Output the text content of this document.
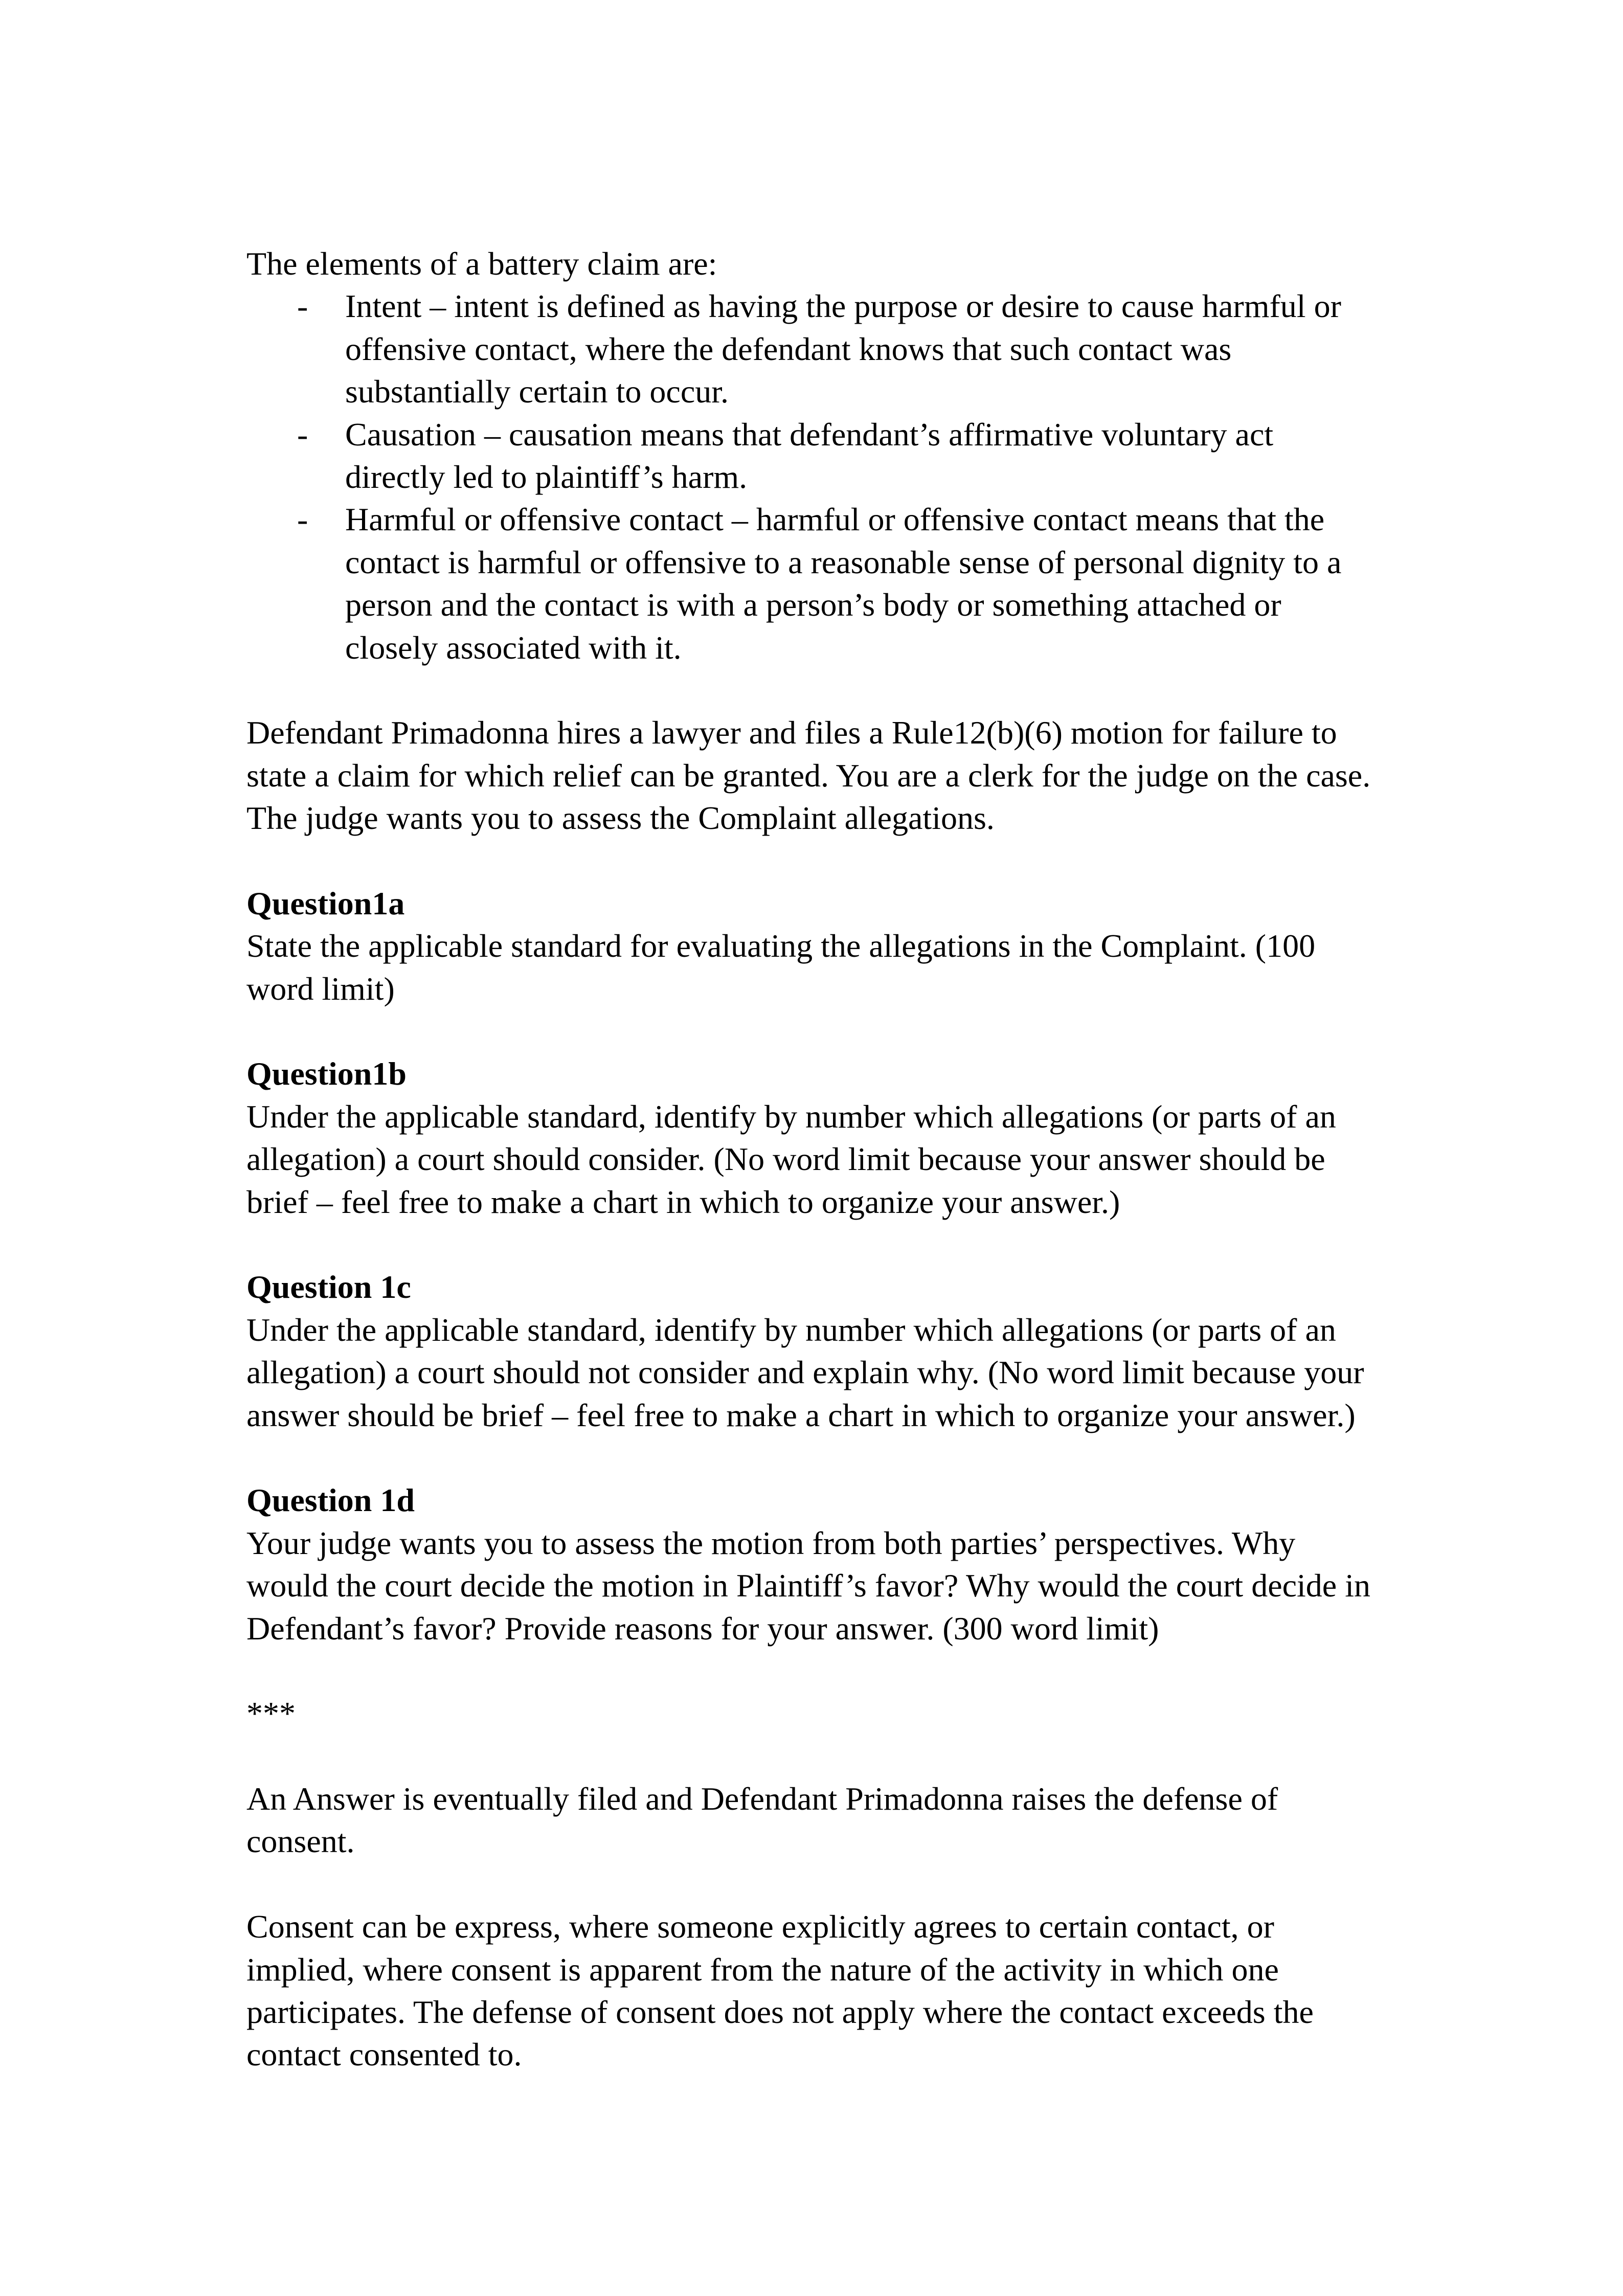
The elements of a battery claim are:
- Intent – intent is defined as having the purpose or desire to cause harmful or
offensive contact, where the defendant knows that such contact was
substantially certain to occur.
- Causation – causation means that defendant’s affirmative voluntary act
directly led to plaintiff’s harm.
- Harmful or offensive contact – harmful or offensive contact means that the
contact is harmful or offensive to a reasonable sense of personal dignity to a
person and the contact is with a person’s body or something attached or
closely associated with it.
Defendant Primadonna hires a lawyer and files a Rule12(b)(6) motion for failure to
state a claim for which relief can be granted. You are a clerk for the judge on the case.
The judge wants you to assess the Complaint allegations.
Question1a
State the applicable standard for evaluating the allegations in the Complaint. (100
word limit)
Question1b
Under the applicable standard, identify by number which allegations (or parts of an
allegation) a court should consider. (No word limit because your answer should be
brief – feel free to make a chart in which to organize your answer.)
Question 1c
Under the applicable standard, identify by number which allegations (or parts of an
allegation) a court should not consider and explain why. (No word limit because your
answer should be brief – feel free to make a chart in which to organize your answer.)
Question 1d
Your judge wants you to assess the motion from both parties’ perspectives. Why
would the court decide the motion in Plaintiff’s favor? Why would the court decide in
Defendant’s favor? Provide reasons for your answer. (300 word limit)
***
An Answer is eventually filed and Defendant Primadonna raises the defense of
consent.
Consent can be express, where someone explicitly agrees to certain contact, or
implied, where consent is apparent from the nature of the activity in which one
participates. The defense of consent does not apply where the contact exceeds the
contact consented to.
